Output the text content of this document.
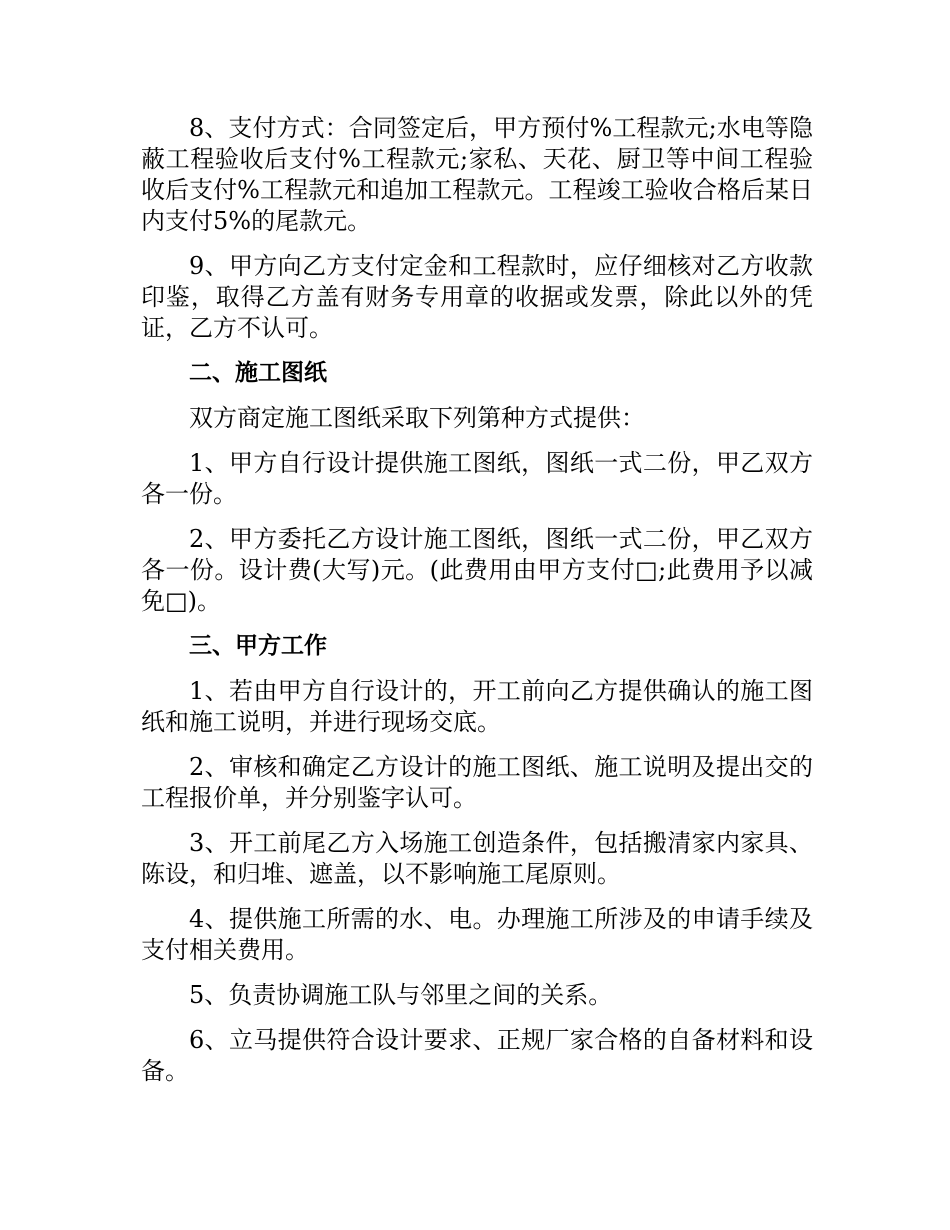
8、支付方式：合同签定后，甲方预付%工程款元;水电等隐蔽工程验收后支付%工程款元;家私、天花、厨卫等中间工程验收后支付%工程款元和追加工程款元。工程竣工验收合格后某日内支付5%的尾款元。

9、甲方向乙方支付定金和工程款时，应仔细核对乙方收款印鉴，取得乙方盖有财务专用章的收据或发票，除此以外的凭证，乙方不认可。

二、施工图纸

双方商定施工图纸采取下列第种方式提供：

1、甲方自行设计提供施工图纸，图纸一式二份，甲乙双方各一份。

2、甲方委托乙方设计施工图纸，图纸一式二份，甲乙双方各一份。设计费(大写)元。(此费用由甲方支付□;此费用予以减免□)。

三、甲方工作

1、若由甲方自行设计的，开工前向乙方提供确认的施工图纸和施工说明，并进行现场交底。

2、审核和确定乙方设计的施工图纸、施工说明及提出交的工程报价单，并分别鉴字认可。

3、开工前尾乙方入场施工创造条件，包括搬清家内家具、陈设，和归堆、遮盖，以不影响施工尾原则。

4、提供施工所需的水、电。办理施工所涉及的申请手续及支付相关费用。

5、负责协调施工队与邻里之间的关系。

6、立马提供符合设计要求、正规厂家合格的自备材料和设备。
